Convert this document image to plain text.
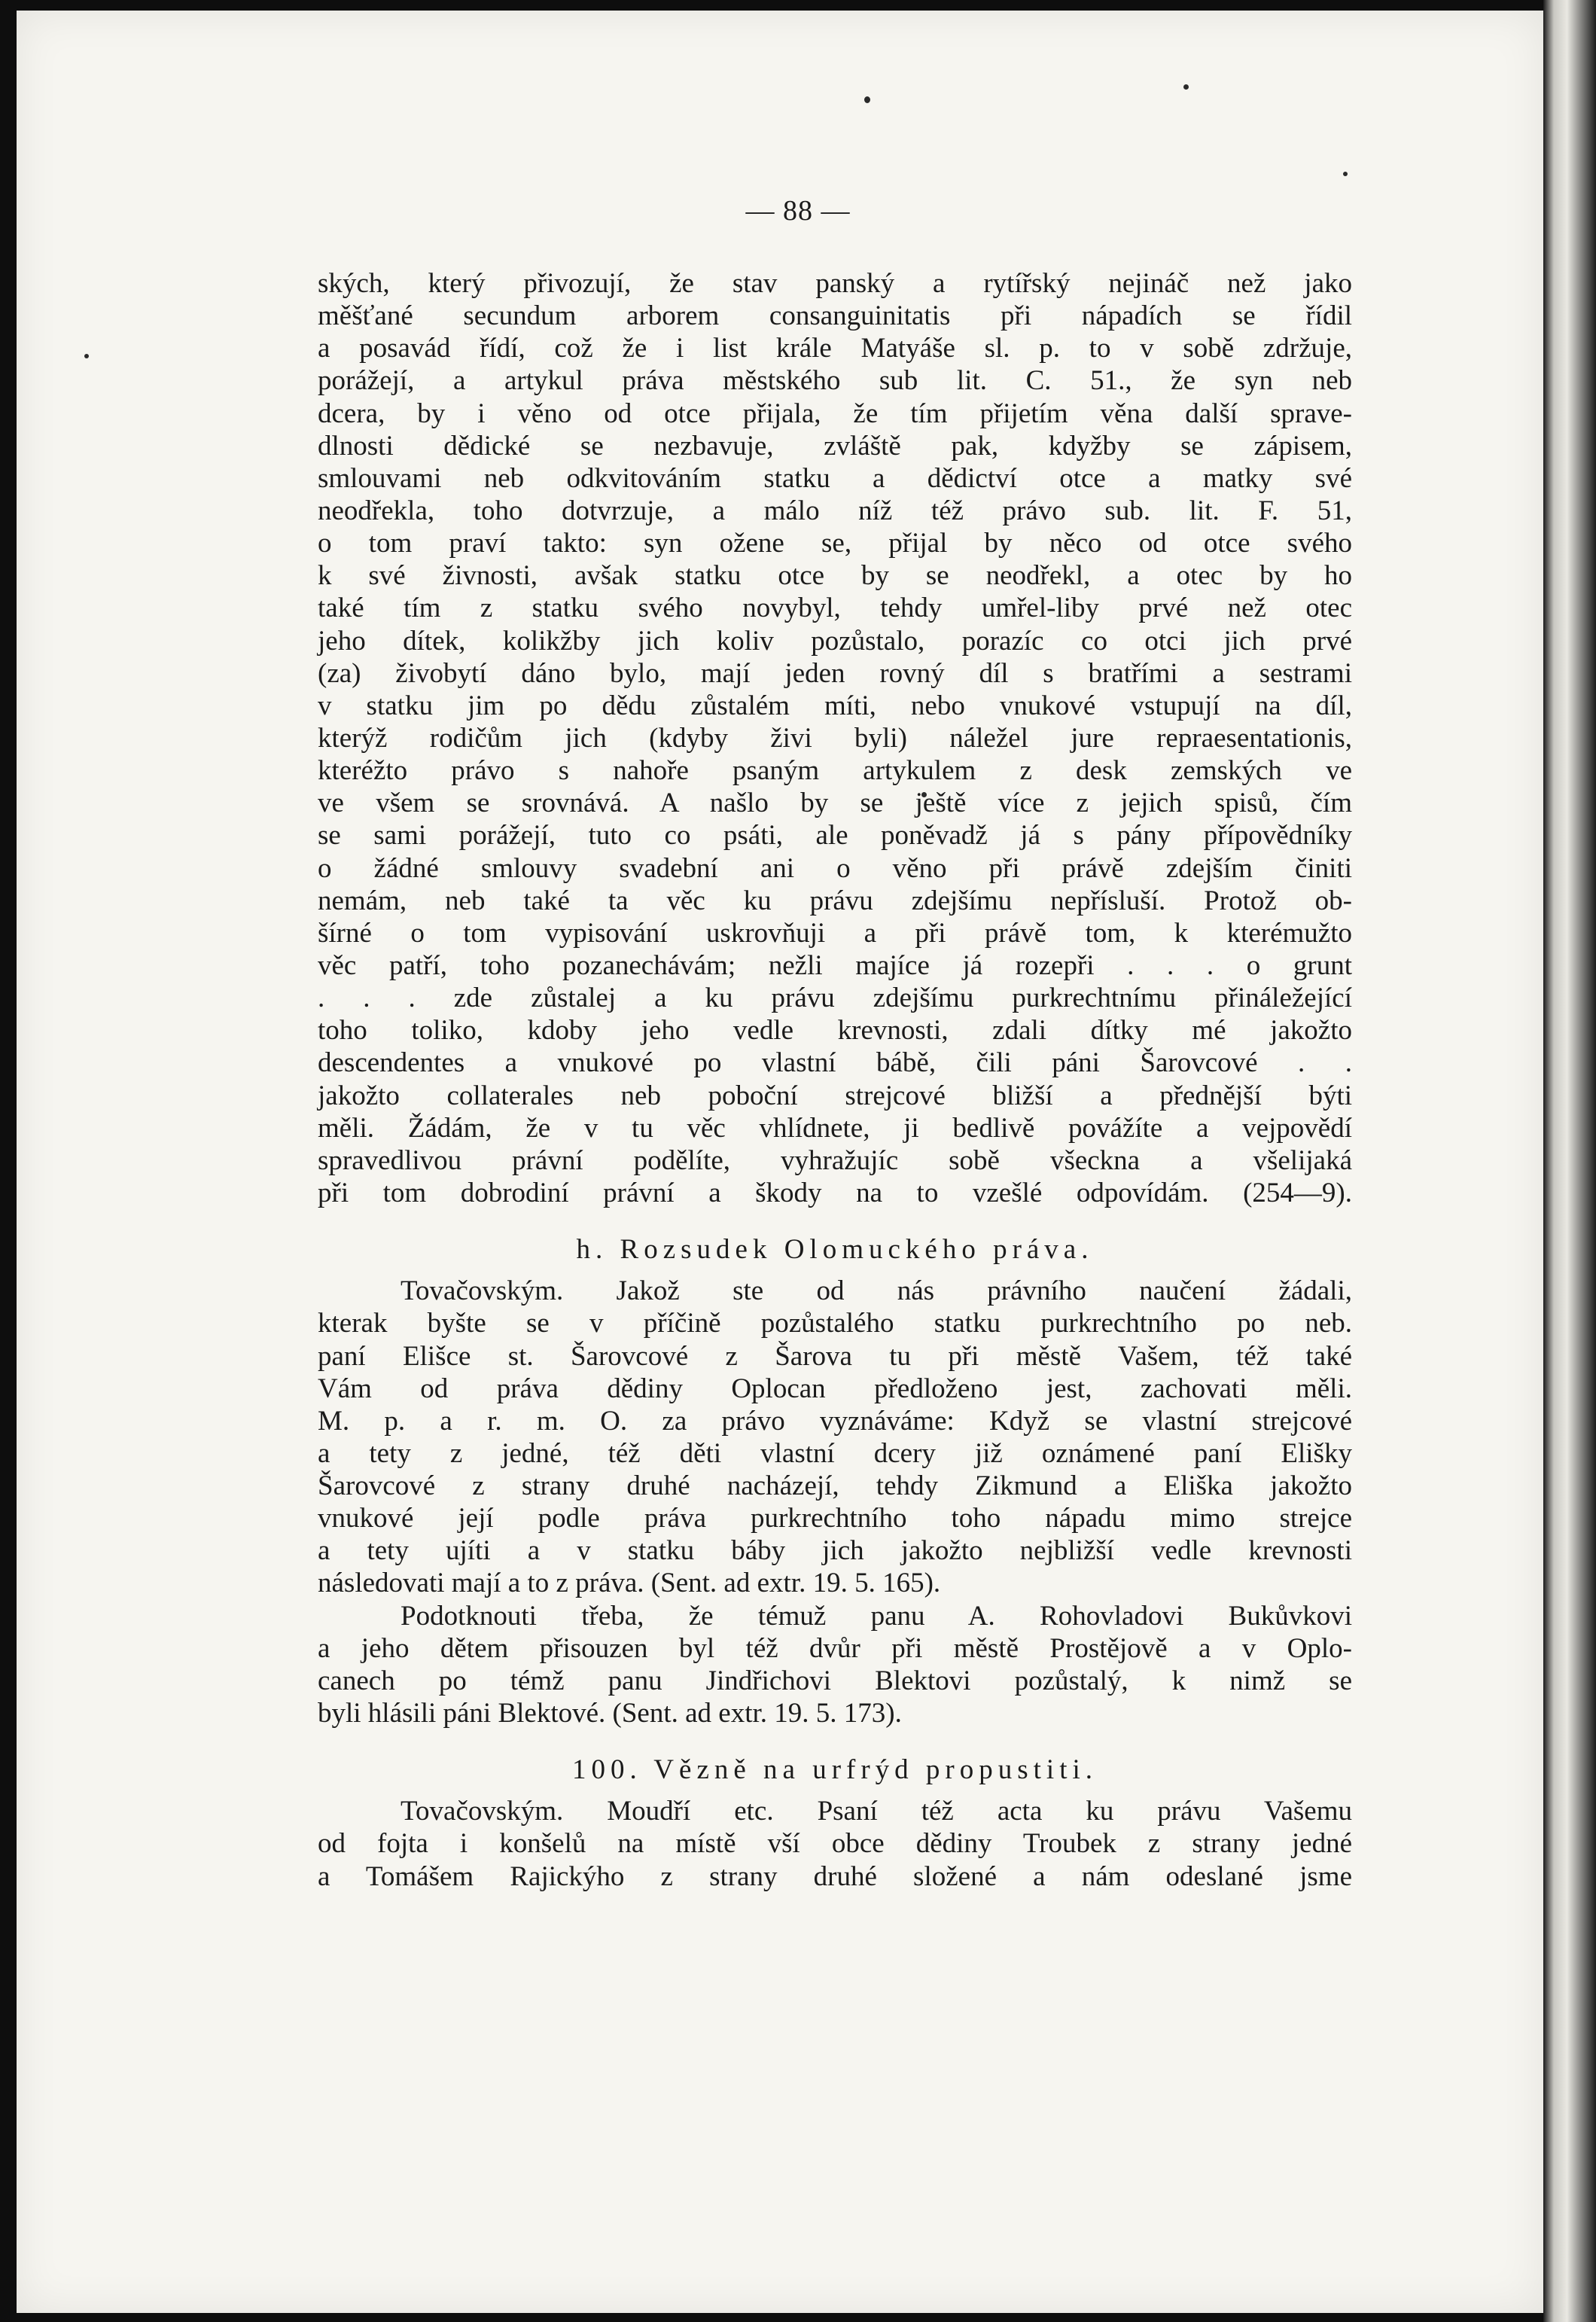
— 88 —
ských, který přivozují, že stav panský a rytířský nejináč než jako
měšťané secundum arborem consanguinitatis při nápadích se řídil
a posavád řídí, což že i list krále Matyáše sl. p. to v sobě zdržuje,
porážejí, a artykul práva městského sub lit. C. 51., že syn neb
dcera, by i věno od otce přijala, že tím přijetím věna další sprave-
dlnosti dědické se nezbavuje, zvláště pak, kdyžby se zápisem,
smlouvami neb odkvitováním statku a dědictví otce a matky své
neodřekla, toho dotvrzuje, a málo níž též právo sub. lit. F. 51,
o tom praví takto: syn ožene se, přijal by něco od otce svého
k své živnosti, avšak statku otce by se neodřekl, a otec by ho
také tím z statku svého novybyl, tehdy umřel-liby prvé než otec
jeho dítek, kolikžby jich koliv pozůstalo, porazíc co otci jich prvé
(za) živobytí dáno bylo, mají jeden rovný díl s bratřími a sestrami
v statku jim po dědu zůstalém míti, nebo vnukové vstupují na díl,
kterýž rodičům jich (kdyby živi byli) náležel jure repraesentationis,
kteréžto právo s nahoře psaným artykulem z desk zemských ve
ve všem se srovnává. A našlo by se ještě více z jejich spisů, čím
se sami porážejí, tuto co psáti, ale poněvadž já s pány přípovědníky
o žádné smlouvy svadební ani o věno při právě zdejším činiti
nemám, neb také ta věc ku právu zdejšímu nepřísluší. Protož ob-
šírné o tom vypisování uskrovňuji a při právě tom, k kterémužto
věc patří, toho pozanechávám; nežli majíce já rozepři . . . o grunt
. . . zde zůstalej a ku právu zdejšímu purkrechtnímu přináležející
toho toliko, kdoby jeho vedle krevnosti, zdali dítky mé jakožto
descendentes a vnukové po vlastní bábě, čili páni Šarovcové . .
jakožto collaterales neb poboční strejcové bližší a přednější býti
měli. Žádám, že v tu věc vhlídnete, ji bedlivě povážíte a vejpovědí
spravedlivou právní podělíte, vyhražujíc sobě všeckna a všelijaká
při tom dobrodiní právní a škody na to vzešlé odpovídám. (254—9).
h. Rozsudek Olomuckého práva.
Tovačovským. Jakož ste od nás právního naučení žádali,
kterak byšte se v příčině pozůstalého statku purkrechtního po neb.
paní Elišce st. Šarovcové z Šarova tu při městě Vašem, též také
Vám od práva dědiny Oplocan předloženo jest, zachovati měli.
M. p. a r. m. O. za právo vyznáváme: Když se vlastní strejcové
a tety z jedné, též děti vlastní dcery již oznámené paní Elišky
Šarovcové z strany druhé nacházejí, tehdy Zikmund a Eliška jakožto
vnukové její podle práva purkrechtního toho nápadu mimo strejce
a tety ujíti a v statku báby jich jakožto nejbližší vedle krevnosti
následovati mají a to z práva. (Sent. ad extr. 19. 5. 165).
Podotknouti třeba, že témuž panu A. Rohovladovi Bukůvkovi
a jeho dětem přisouzen byl též dvůr při městě Prostějově a v Oplo-
canech po témž panu Jindřichovi Blektovi pozůstalý, k nimž se
byli hlásili páni Blektové. (Sent. ad extr. 19. 5. 173).
100. Vězně na urfrýd propustiti.
Tovačovským. Moudří etc. Psaní též acta ku právu Vašemu
od fojta i konšelů na místě vší obce dědiny Troubek z strany jedné
a Tomášem Rajickýho z strany druhé složené a nám odeslané jsme
